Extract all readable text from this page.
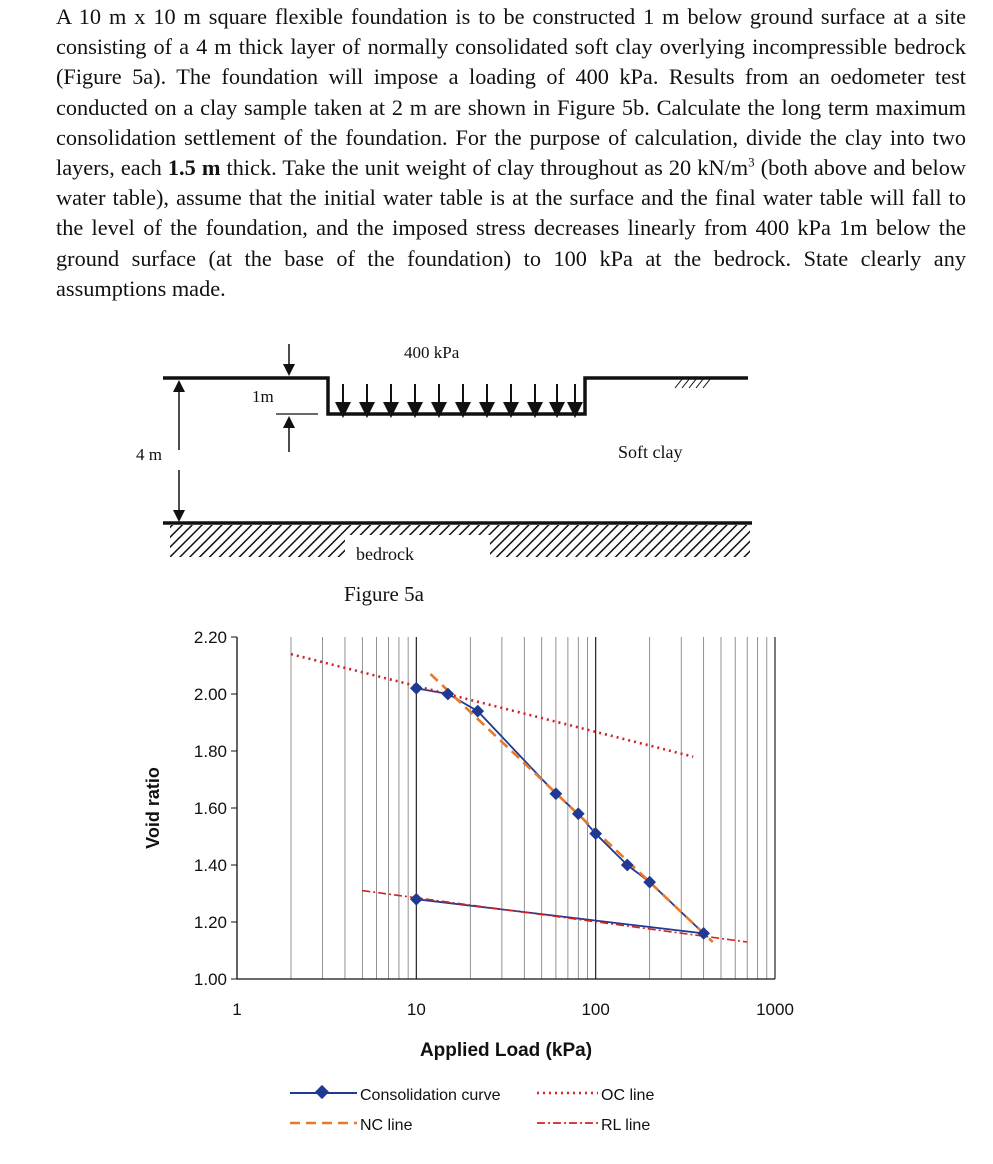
A 10 m x 10 m square flexible foundation is to be constructed 1 m below ground surface at a site consisting of a 4 m thick layer of normally consolidated soft clay overlying incompressible bedrock (Figure 5a). The foundation will impose a loading of 400 kPa. Results from an oedometer test conducted on a clay sample taken at 2 m are shown in Figure 5b. Calculate the long term maximum consolidation settlement of the foundation. For the purpose of calculation, divide the clay into two layers, each 1.5 m thick. Take the unit weight of clay throughout as 20 $kN/m^3$ (both above and below water table), assume that the initial water table is at the surface and the final water table will fall to the level of the foundation, and the imposed stress decreases linearly from 400 kPa 1m below the ground surface (at the base of the foundation) to 100 kPa at the bedrock. State clearly any assumptions made.
400 kPa
1m
4 m	Soft clay
bedrock
Figure 5a
1.00
1.20
1.40
1.60
1.80
2.00
2.20
1	10	100	1000
Applied Load (kPa)
Void ratio
Consolidation curve	OC line
NC line	RL line
